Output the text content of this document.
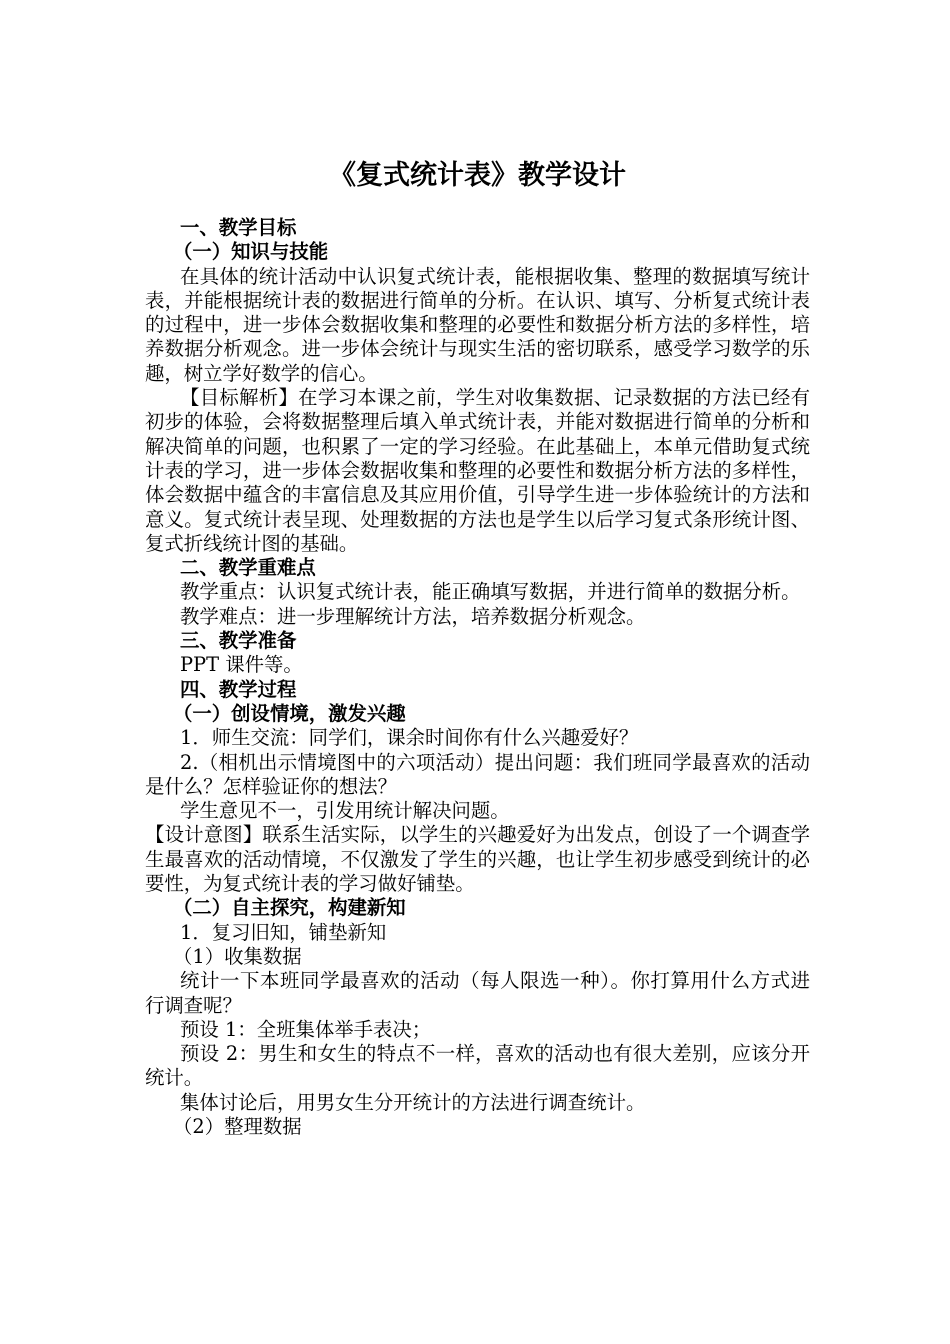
《复式统计表》教学设计
一、教学目标
（一）知识与技能

在具体的统计活动中认识复式统计表，能根据收集、整理的数据填写统计表，并能根据统计表的数据进行简单的分析。在认识、填写、分析复式统计表的过程中，进一步体会数据收集和整理的必要性和数据分析方法的多样性，培养数据分析观念。进一步体会统计与现实生活的密切联系，感受学习数学的乐趣，树立学好数学的信心。

【目标解析】在学习本课之前，学生对收集数据、记录数据的方法已经有初步的体验，会将数据整理后填入单式统计表，并能对数据进行简单的分析和解决简单的问题，也积累了一定的学习经验。在此基础上，本单元借助复式统计表的学习，进一步体会数据收集和整理的必要性和数据分析方法的多样性，体会数据中蕴含的丰富信息及其应用价值，引导学生进一步体验统计的方法和意义。复式统计表呈现、处理数据的方法也是学生以后学习复式条形统计图、复式折线统计图的基础。

二、教学重难点

教学重点：认识复式统计表，能正确填写数据，并进行简单的数据分析。

教学难点：进一步理解统计方法，培养数据分析观念。

三、教学准备

PPT 课件等。

四、教学过程
（一）创设情境，激发兴趣

1．师生交流：同学们，课余时间你有什么兴趣爱好？

2.（相机出示情境图中的六项活动）提出问题：我们班同学最喜欢的活动是什么？怎样验证你的想法？

学生意见不一，引发用统计解决问题。

【设计意图】联系生活实际，以学生的兴趣爱好为出发点，创设了一个调查学生最喜欢的活动情境，不仅激发了学生的兴趣，也让学生初步感受到统计的必要性，为复式统计表的学习做好铺垫。

（二）自主探究，构建新知

1．复习旧知，铺垫新知

（1）收集数据

统计一下本班同学最喜欢的活动（每人限选一种）。你打算用什么方式进行调查呢？

预设 1：全班集体举手表决；

预设 2：男生和女生的特点不一样，喜欢的活动也有很大差别，应该分开统计。

集体讨论后，用男女生分开统计的方法进行调查统计。

（2）整理数据
